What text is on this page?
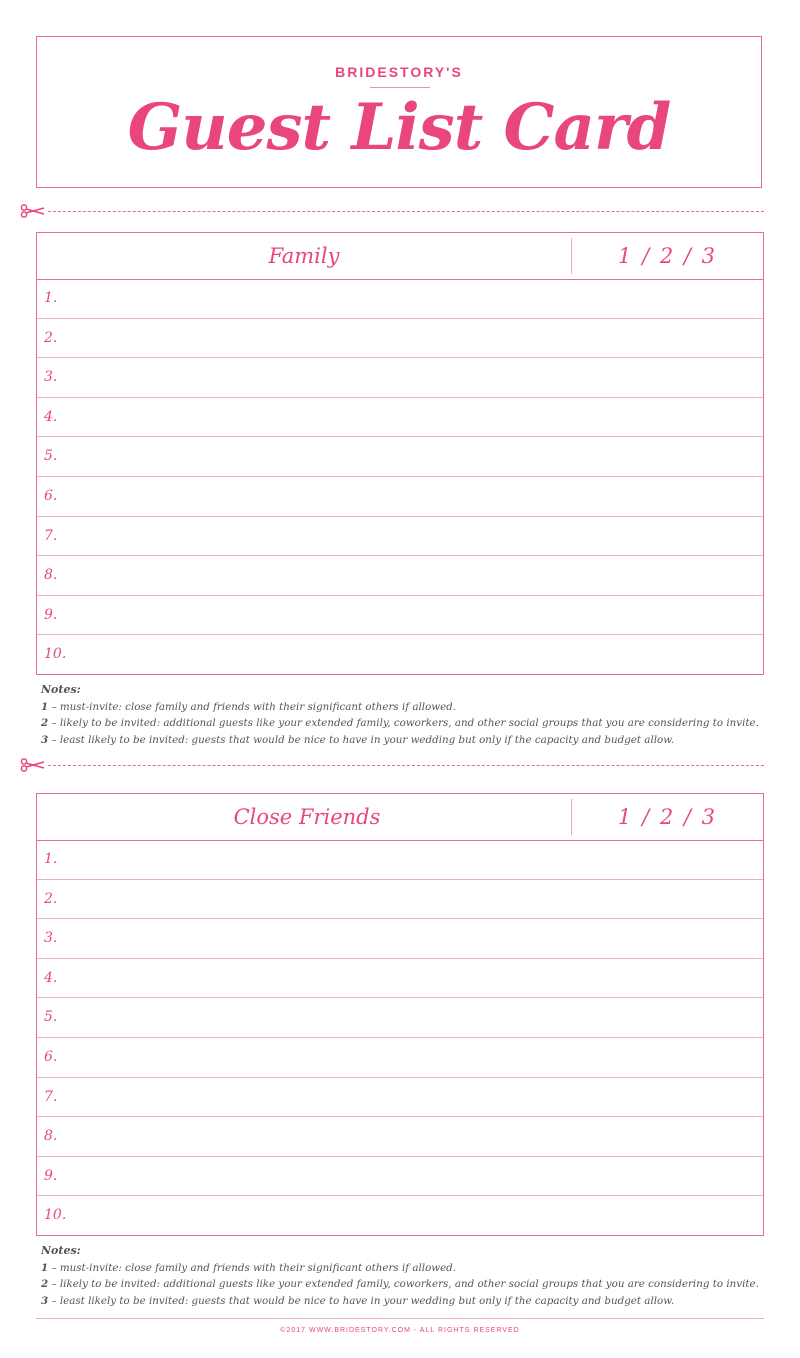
BRIDESTORY'S
Guest List Card
Family	1 / 2 / 3
1.
2.
3.
4.
5.
6.
7.
8.
9.
10.
Notes:
1 – must-invite: close family and friends with their significant others if allowed.
2 – likely to be invited: additional guests like your extended family, coworkers, and other social groups that you are considering to invite.
3 – least likely to be invited: guests that would be nice to have in your wedding but only if the capacity and budget allow.
Close Friends	1 / 2 / 3
1.
2.
3.
4.
5.
6.
7.
8.
9.
10.
Notes:
1 – must-invite: close family and friends with their significant others if allowed.
2 – likely to be invited: additional guests like your extended family, coworkers, and other social groups that you are considering to invite.
3 – least likely to be invited: guests that would be nice to have in your wedding but only if the capacity and budget allow.
©2017 WWW.BRIDESTORY.COM - ALL RIGHTS RESERVED
